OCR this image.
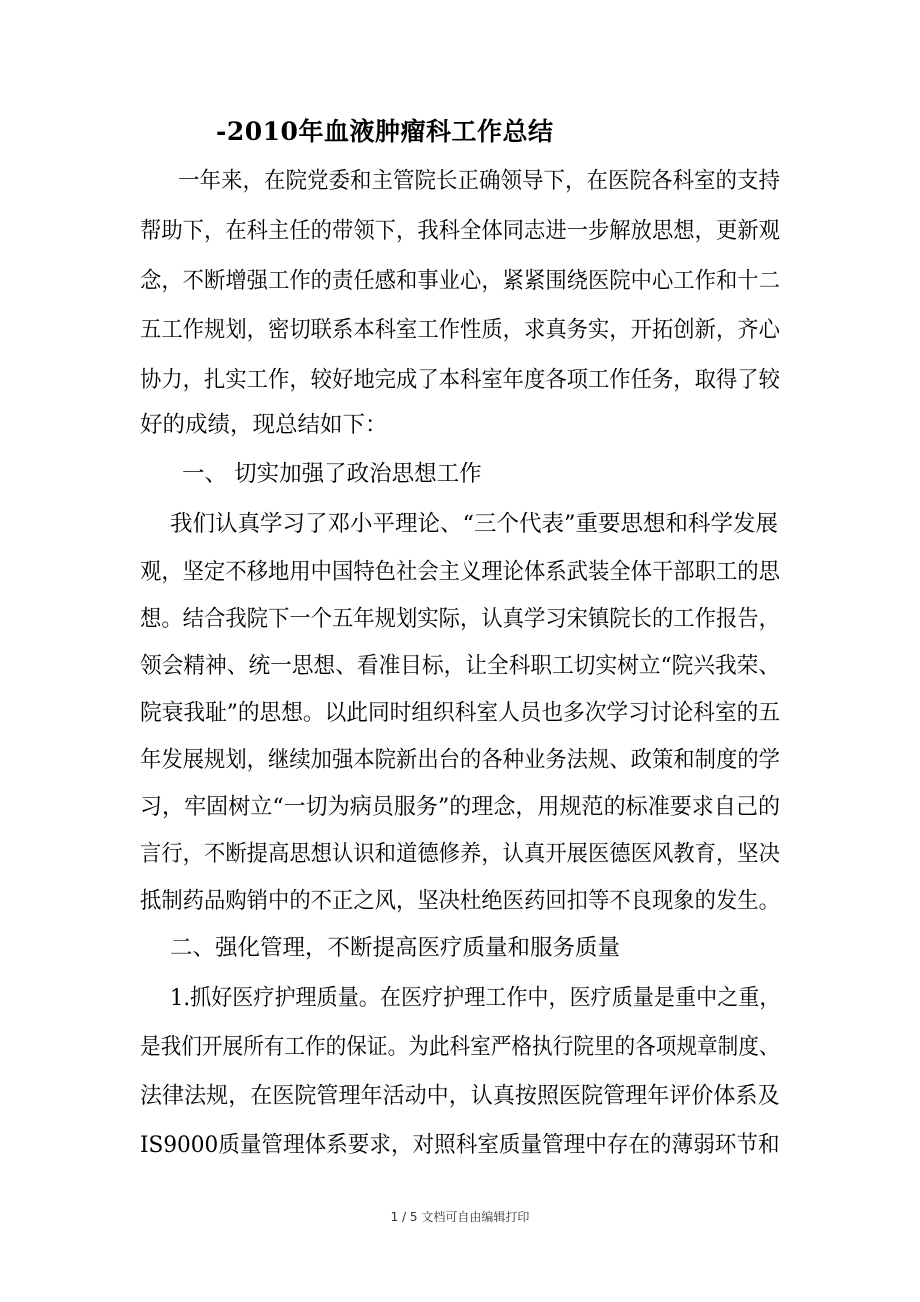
-2010年血液肿瘤科工作总结
一年来，在院党委和主管院长正确领导下，在医院各科室的支持
帮助下，在科主任的带领下，我科全体同志进一步解放思想，更新观
念，不断增强工作的责任感和事业心，紧紧围绕医院中心工作和十二
五工作规划，密切联系本科室工作性质，求真务实，开拓创新，齐心
协力，扎实工作，较好地完成了本科室年度各项工作任务，取得了较
好的成绩，现总结如下：
一、 切实加强了政治思想工作
我们认真学习了邓小平理论、“三个代表”重要思想和科学发展
观，坚定不移地用中国特色社会主义理论体系武装全体干部职工的思
想。结合我院下一个五年规划实际，认真学习宋镇院长的工作报告，
领会精神、统一思想、看准目标，让全科职工切实树立“院兴我荣、
院衰我耻”的思想。以此同时组织科室人员也多次学习讨论科室的五
年发展规划，继续加强本院新出台的各种业务法规、政策和制度的学
习，牢固树立“一切为病员服务”的理念，用规范的标准要求自己的
言行，不断提高思想认识和道德修养，认真开展医德医风教育，坚决
抵制药品购销中的不正之风，坚决杜绝医药回扣等不良现象的发生。
二、强化管理，不断提高医疗质量和服务质量
1.抓好医疗护理质量。在医疗护理工作中，医疗质量是重中之重，
是我们开展所有工作的保证。为此科室严格执行院里的各项规章制度、
法律法规，在医院管理年活动中，认真按照医院管理年评价体系及
IS9000质量管理体系要求，对照科室质量管理中存在的薄弱环节和
1 / 5 文档可自由编辑打印
